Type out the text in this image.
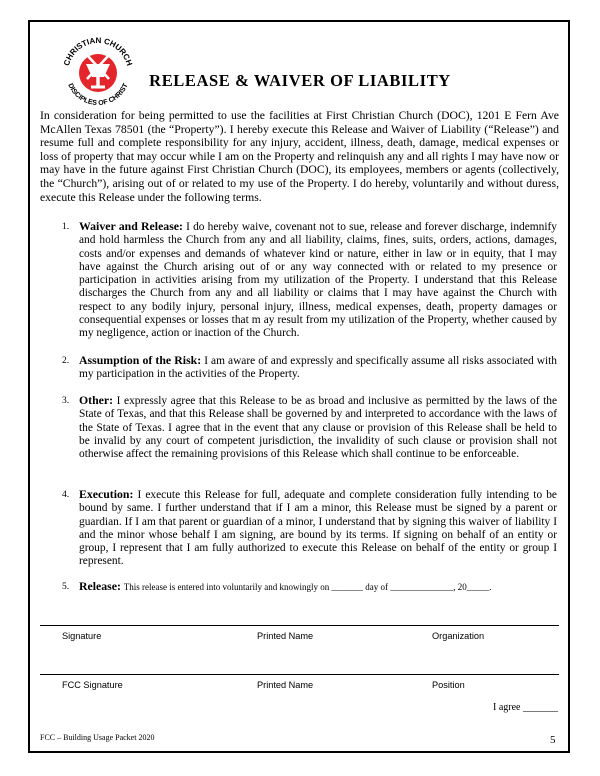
CHRISTIAN CHURCH
DISCIPLES OF CHRIST	RELEASE & WAIVER OF LIABILITY

In consideration for being permitted to use the facilities at First Christian Church (DOC), 1201 E Fern Ave McAllen Texas 78501 (the “Property”). I hereby execute this Release and Waiver of Liability (“Release”) and resume full and complete responsibility for any injury, accident, illness, death, damage, medical expenses or loss of property that may occur while I am on the Property and relinquish any and all rights I may have now or may have in the future against First Christian Church (DOC), its employees, members or agents (collectively, the “Church”), arising out of or related to my use of the Property. I do hereby, voluntarily and without duress, execute this Release under the following terms.

1. Waiver and Release: I do hereby waive, covenant not to sue, release and forever discharge, indemnify and hold harmless the Church from any and all liability, claims, fines, suits, orders, actions, damages, costs and/or expenses and demands of whatever kind or nature, either in law or in equity, that I may have against the Church arising out of or any way connected with or related to my presence or participation in activities arising from my utilization of the Property. I understand that this Release discharges the Church from any and all liability or claims that I may have against the Church with respect to any bodily injury, personal injury, illness, medical expenses, death, property damages or consequential expenses or losses that m ay result from my utilization of the Property, whether caused by my negligence, action or inaction of the Church.

2. Assumption of the Risk: I am aware of and expressly and specifically assume all risks associated with my participation in the activities of the Property.

3. Other: I expressly agree that this Release to be as broad and inclusive as permitted by the laws of the State of Texas, and that this Release shall be governed by and interpreted to accordance with the laws of the State of Texas. I agree that in the event that any clause or provision of this Release shall be held to be invalid by any court of competent jurisdiction, the invalidity of such clause or provision shall not otherwise affect the remaining provisions of this Release which shall continue to be enforceable.

4. Execution: I execute this Release for full, adequate and complete consideration fully intending to be bound by same. I further understand that if I am a minor, this Release must be signed by a parent or guardian. If I am that parent or guardian of a minor, I understand that by signing this waiver of liability I and the minor whose behalf I am signing, are bound by its terms. If signing on behalf of an entity or group, I represent that I am fully authorized to execute this Release on behalf of the entity or group I represent.

5. Release: This release is entered into voluntarily and knowingly on _______ day of ______________, 20_____.

Signature	Printed Name	Organization
FCC Signature	Printed Name	Position
I agree _______
FCC – Building Usage Packet 2020	5
